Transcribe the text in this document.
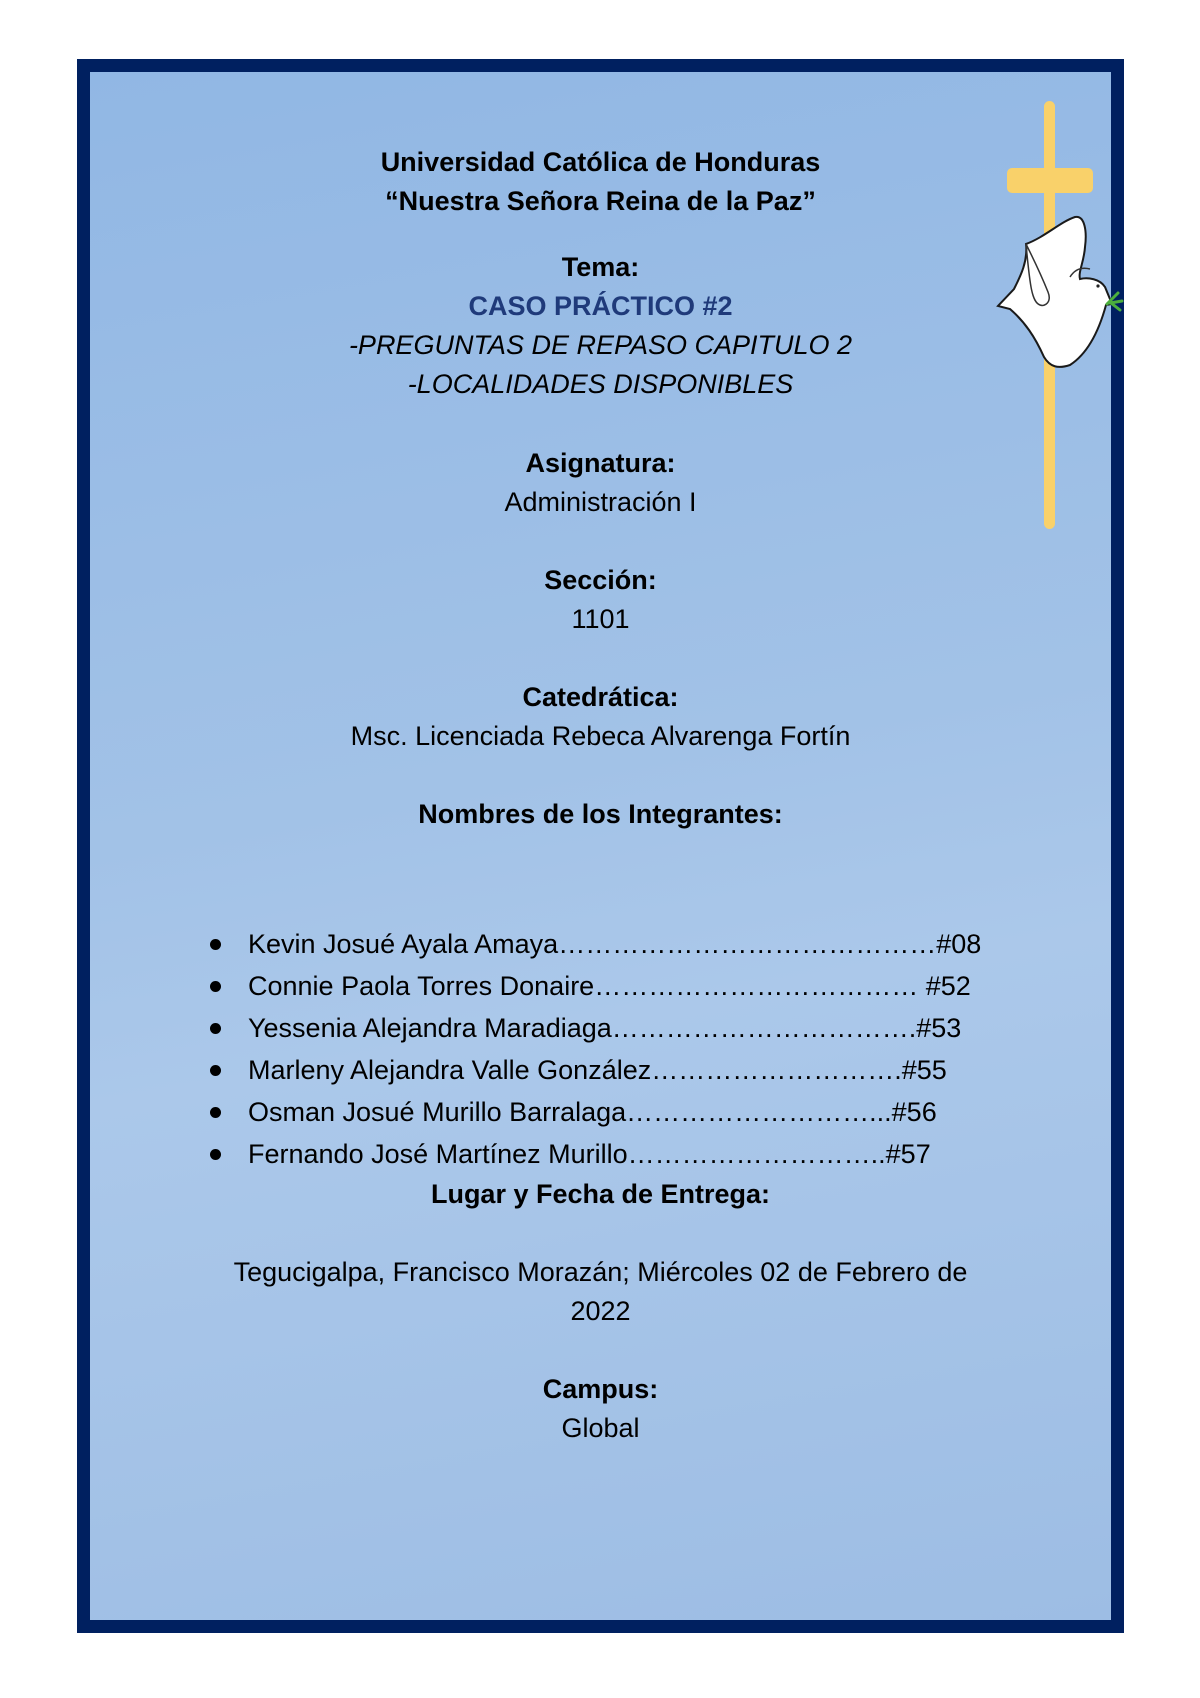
Universidad Católica de Honduras
“Nuestra Señora Reina de la Paz”
Tema:
CASO PRÁCTICO #2
-PREGUNTAS DE REPASO CAPITULO 2
-LOCALIDADES DISPONIBLES
Asignatura:
Administración I
Sección:
1101
Catedrática:
Msc. Licenciada Rebeca Alvarenga Fortín
Nombres de los Integrantes:
Kevin Josué Ayala Amaya……………………………………#08
Connie Paola Torres Donaire……………………………… #52
Yessenia Alejandra Maradiaga…………………………….#53
Marleny Alejandra Valle González……………………….#55
Osman Josué Murillo Barralaga………………………...#56
Fernando José Martínez Murillo………………………..#57
Lugar y Fecha de Entrega:
Tegucigalpa, Francisco Morazán; Miércoles 02 de Febrero de
2022
Campus:
Global
